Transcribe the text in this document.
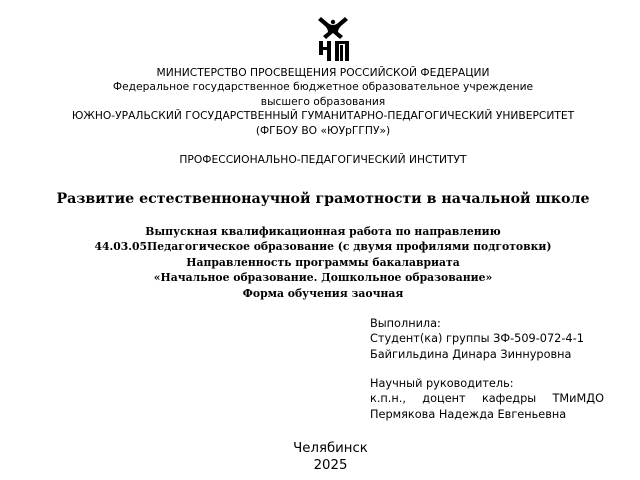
МИНИСТЕРСТВО ПРОСВЕЩЕНИЯ РОССИЙСКОЙ ФЕДЕРАЦИИ
Федеральное государственное бюджетное образовательное учреждение
высшего образования
ЮЖНО-УРАЛЬСКИЙ ГОСУДАРСТВЕННЫЙ ГУМАНИТАРНО-ПЕДАГОГИЧЕСКИЙ УНИВЕРСИТЕТ
(ФГБОУ ВО «ЮУрГГПУ»)
ПРОФЕССИОНАЛЬНО-ПЕДАГОГИЧЕСКИЙ ИНСТИТУТ
Развитие естественнонаучной грамотности в начальной школе
Выпускная квалификационная работа по направлению
44.03.05Педагогическое образование (с двумя профилями подготовки)
Направленность программы бакалавриата
«Начальное образование. Дошкольное образование»
Форма обучения заочная
Выполнила:
Студент(ка) группы ЗФ-509-072-4-1
Байгильдина Динара Зиннуровна
Научный руководитель:
к.п.н., доцент кафедры ТМиМДО
Пермякова Надежда Евгеньевна
Челябинск
2025
